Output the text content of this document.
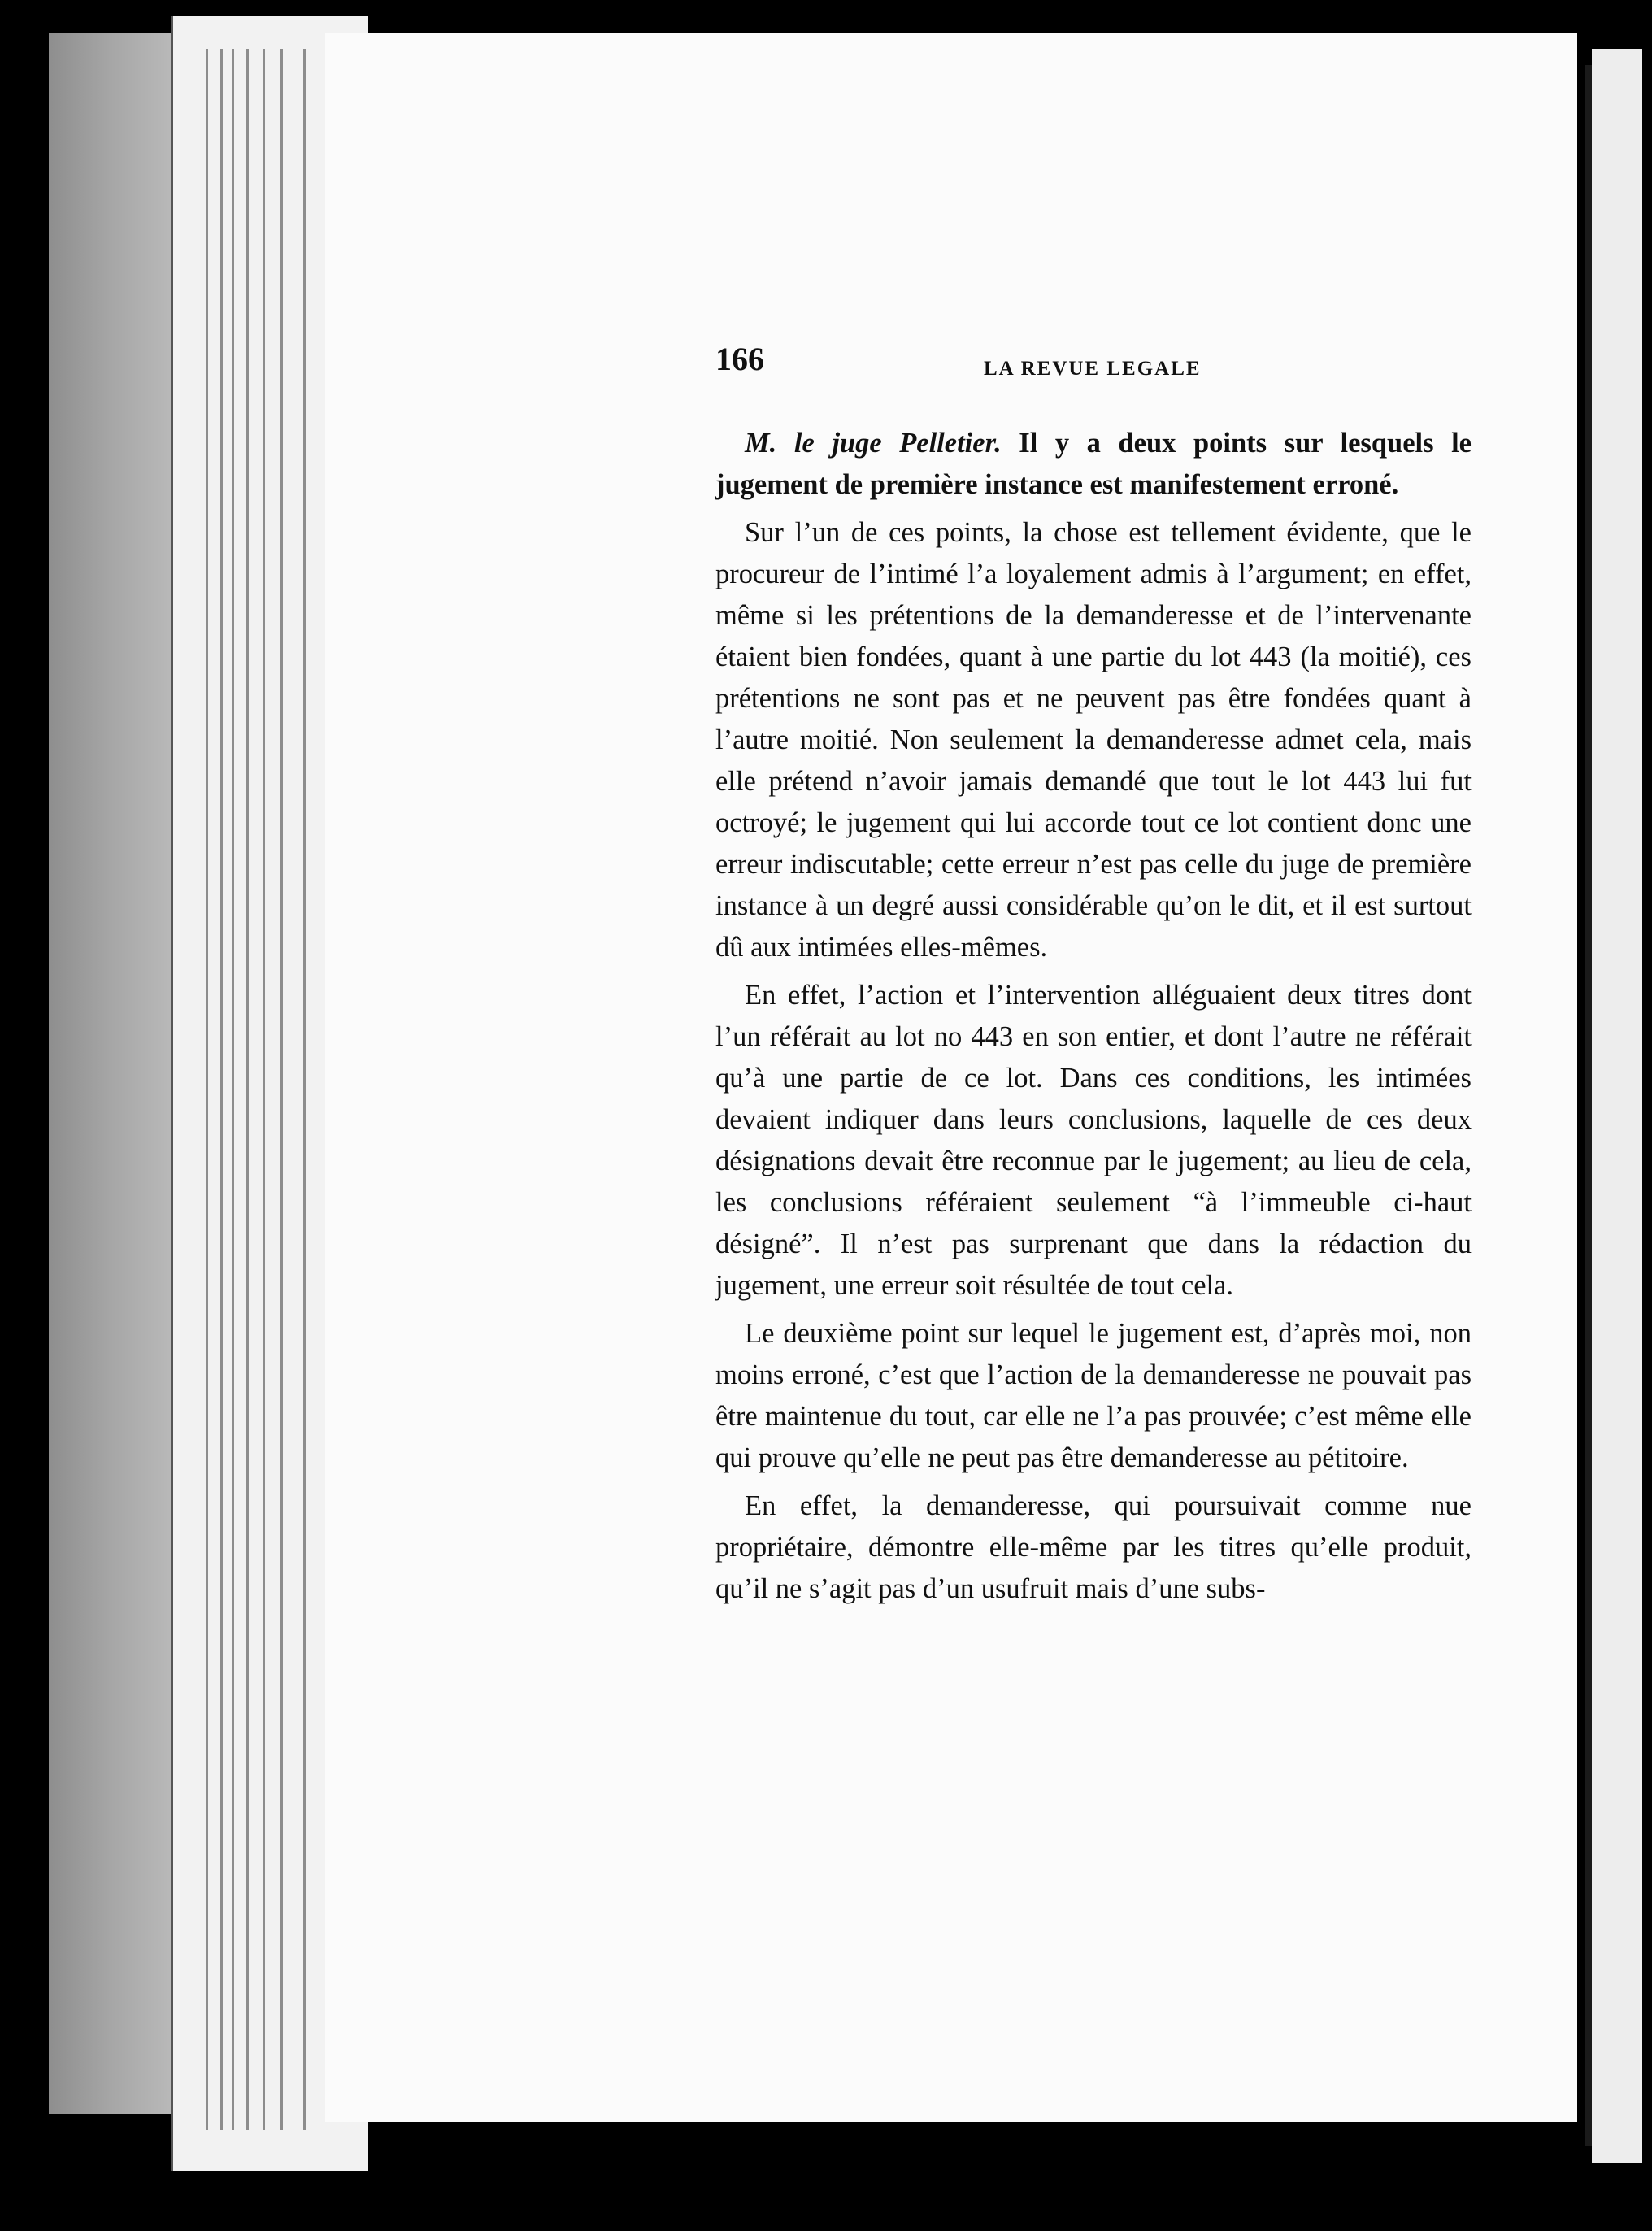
166	LA REVUE LEGALE

M. le juge Pelletier. Il y a deux points sur lesquels le jugement de première instance est manifestement erroné.

Sur l’un de ces points, la chose est tellement évidente, que le procureur de l’intimé l’a loyalement admis à l’argument; en effet, même si les prétentions de la demanderesse et de l’intervenante étaient bien fondées, quant à une partie du lot 443 (la moitié), ces prétentions ne sont pas et ne peuvent pas être fondées quant à l’autre moitié. Non seulement la demanderesse admet cela, mais elle prétend n’avoir jamais demandé que tout le lot 443 lui fut octroyé; le jugement qui lui accorde tout ce lot contient donc une erreur indiscutable; cette erreur n’est pas celle du juge de première instance à un degré aussi considérable qu’on le dit, et il est surtout dû aux intimées elles-mêmes.

En effet, l’action et l’intervention alléguaient deux titres dont l’un référait au lot no 443 en son entier, et dont l’autre ne référait qu’à une partie de ce lot. Dans ces conditions, les intimées devaient indiquer dans leurs conclusions, laquelle de ces deux désignations devait être reconnue par le jugement; au lieu de cela, les conclusions référaient seulement “à l’immeuble ci-haut désigné”. Il n’est pas surprenant que dans la rédaction du jugement, une erreur soit résultée de tout cela.

Le deuxième point sur lequel le jugement est, d’après moi, non moins erroné, c’est que l’action de la demanderesse ne pouvait pas être maintenue du tout, car elle ne l’a pas prouvée; c’est même elle qui prouve qu’elle ne peut pas être demanderesse au pétitoire.

En effet, la demanderesse, qui poursuivait comme nue propriétaire, démontre elle-même par les titres qu’elle produit, qu’il ne s’agit pas d’un usufruit mais d’une subs-
